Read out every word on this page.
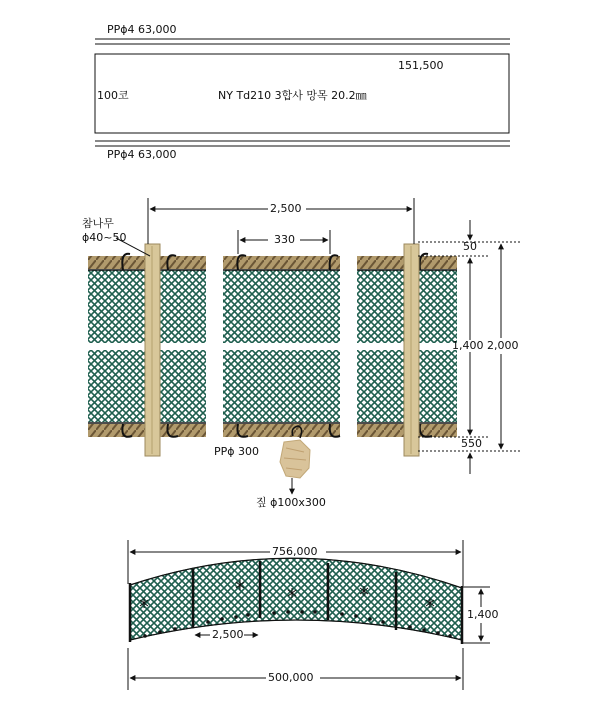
PPϕ4 63,000
151,500
100코	NY Td210 3합사 망목 20.2㎜
PPϕ4 63,000
참나무
ϕ40~50
2,500
330
50
1,400 2,000
550
PPϕ 300
짚 ϕ100x300
756,000
1,400
2,500
500,000
